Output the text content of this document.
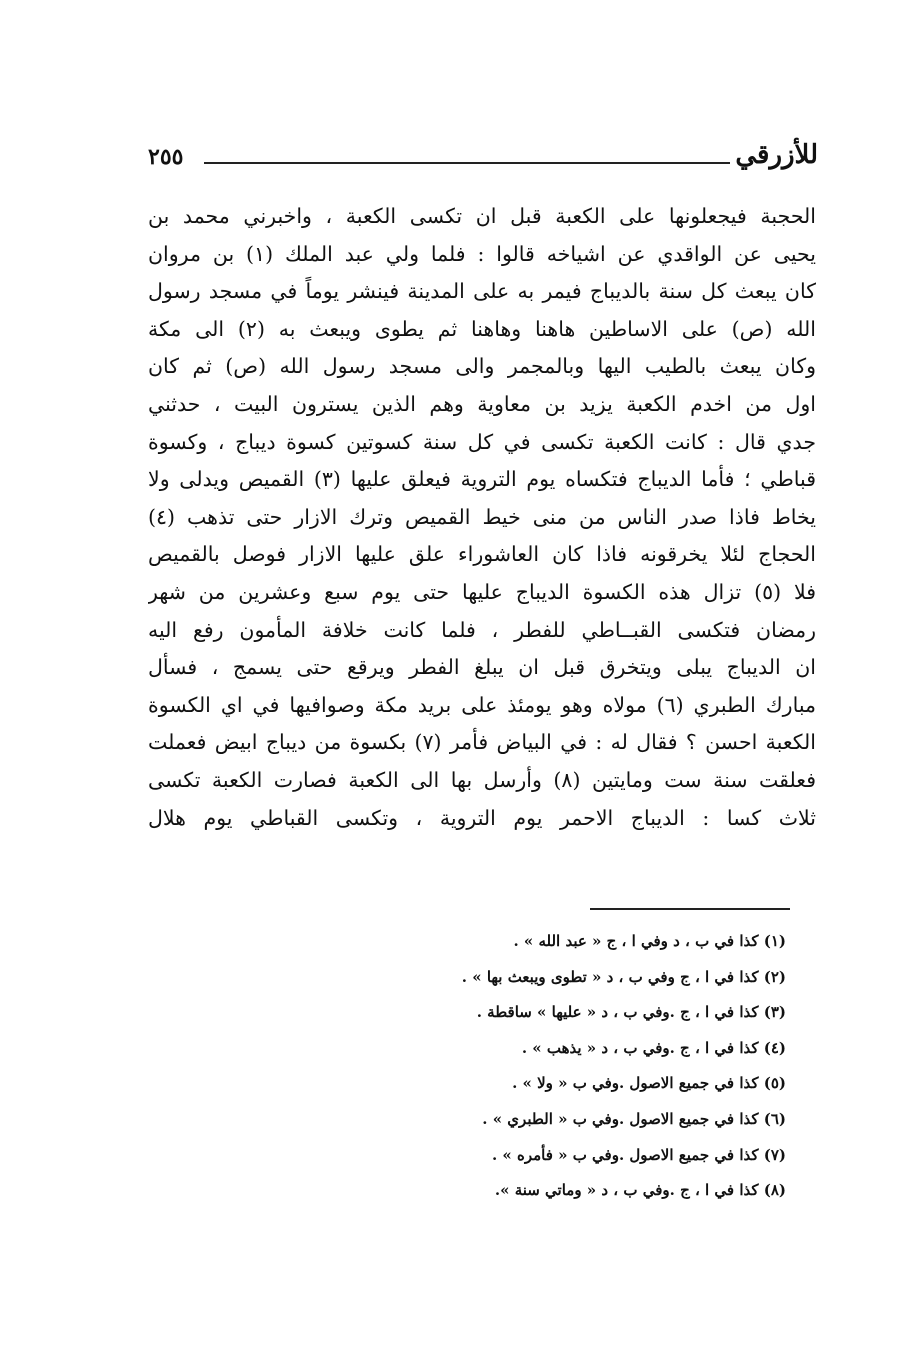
للأزرقي
٢٥٥
الحجبة فيجعلونها على الكعبة قبل ان تكسى الكعبة ، واخبرني محمد بن
يحيى عن الواقدي عن اشياخه قالوا : فلما ولي عبد الملك (١) بن مروان
كان يبعث كل سنة بالديباج فيمر به على المدينة فينشر يوماً في مسجد رسول
الله (ص) على الاساطين هاهنا وهاهنا ثم يطوى ويبعث به (٢) الى مكة
وكان يبعث بالطيب اليها وبالمجمر والى مسجد رسول الله (ص) ثم كان
اول من اخدم الكعبة يزيد بن معاوية وهم الذين يسترون البيت ، حدثني
جدي قال : كانت الكعبة تكسى في كل سنة كسوتين كسوة ديباج ، وكسوة
قباطي ؛ فأما الديباج فتكساه يوم التروية فيعلق عليها (٣) القميص ويدلى ولا
يخاط فاذا صدر الناس من منى خيط القميص وترك الازار حتى تذهب (٤)
الحجاج لئلا يخرقونه فاذا كان العاشوراء علق عليها الازار فوصل بالقميص
فلا (٥) تزال هذه الكسوة الديباج عليها حتى يوم سبع وعشرين من شهر
رمضان فتكسى القبــاطي للفطر ، فلما كانت خلافة المأمون رفع اليه
ان الديباج يبلى ويتخرق قبل ان يبلغ الفطر ويرقع حتى يسمج ، فسأل
مبارك الطبري (٦) مولاه وهو يومئذ على بريد مكة وصوافيها في اي الكسوة
الكعبة احسن ؟ فقال له : في البياض فأمر (٧) بكسوة من ديباج ابيض فعملت
فعلقت سنة ست ومايتين (٨) وأرسل بها الى الكعبة فصارت الكعبة تكسى
ثلاث كسا : الديباج الاحمر يوم التروية ، وتكسى القباطي يوم هلال
(١) كذا في ب ، د وفي ا ، ج « عبد الله » .
(٢) كذا في ا ، ج وفي ب ، د « تطوى ويبعث بها » .
(٣) كذا في ا ، ج .وفي ب ، د « عليها » ساقطة .
(٤) كذا في ا ، ج .وفي ب ، د « يذهب » .
(٥) كذا في جميع الاصول .وفي ب « ولا » .
(٦) كذا في جميع الاصول .وفي ب « الطبري » .
(٧) كذا في جميع الاصول .وفي ب « فأمره » .
(٨) كذا في ا ، ج .وفي ب ، د « وماتي سنة ».
